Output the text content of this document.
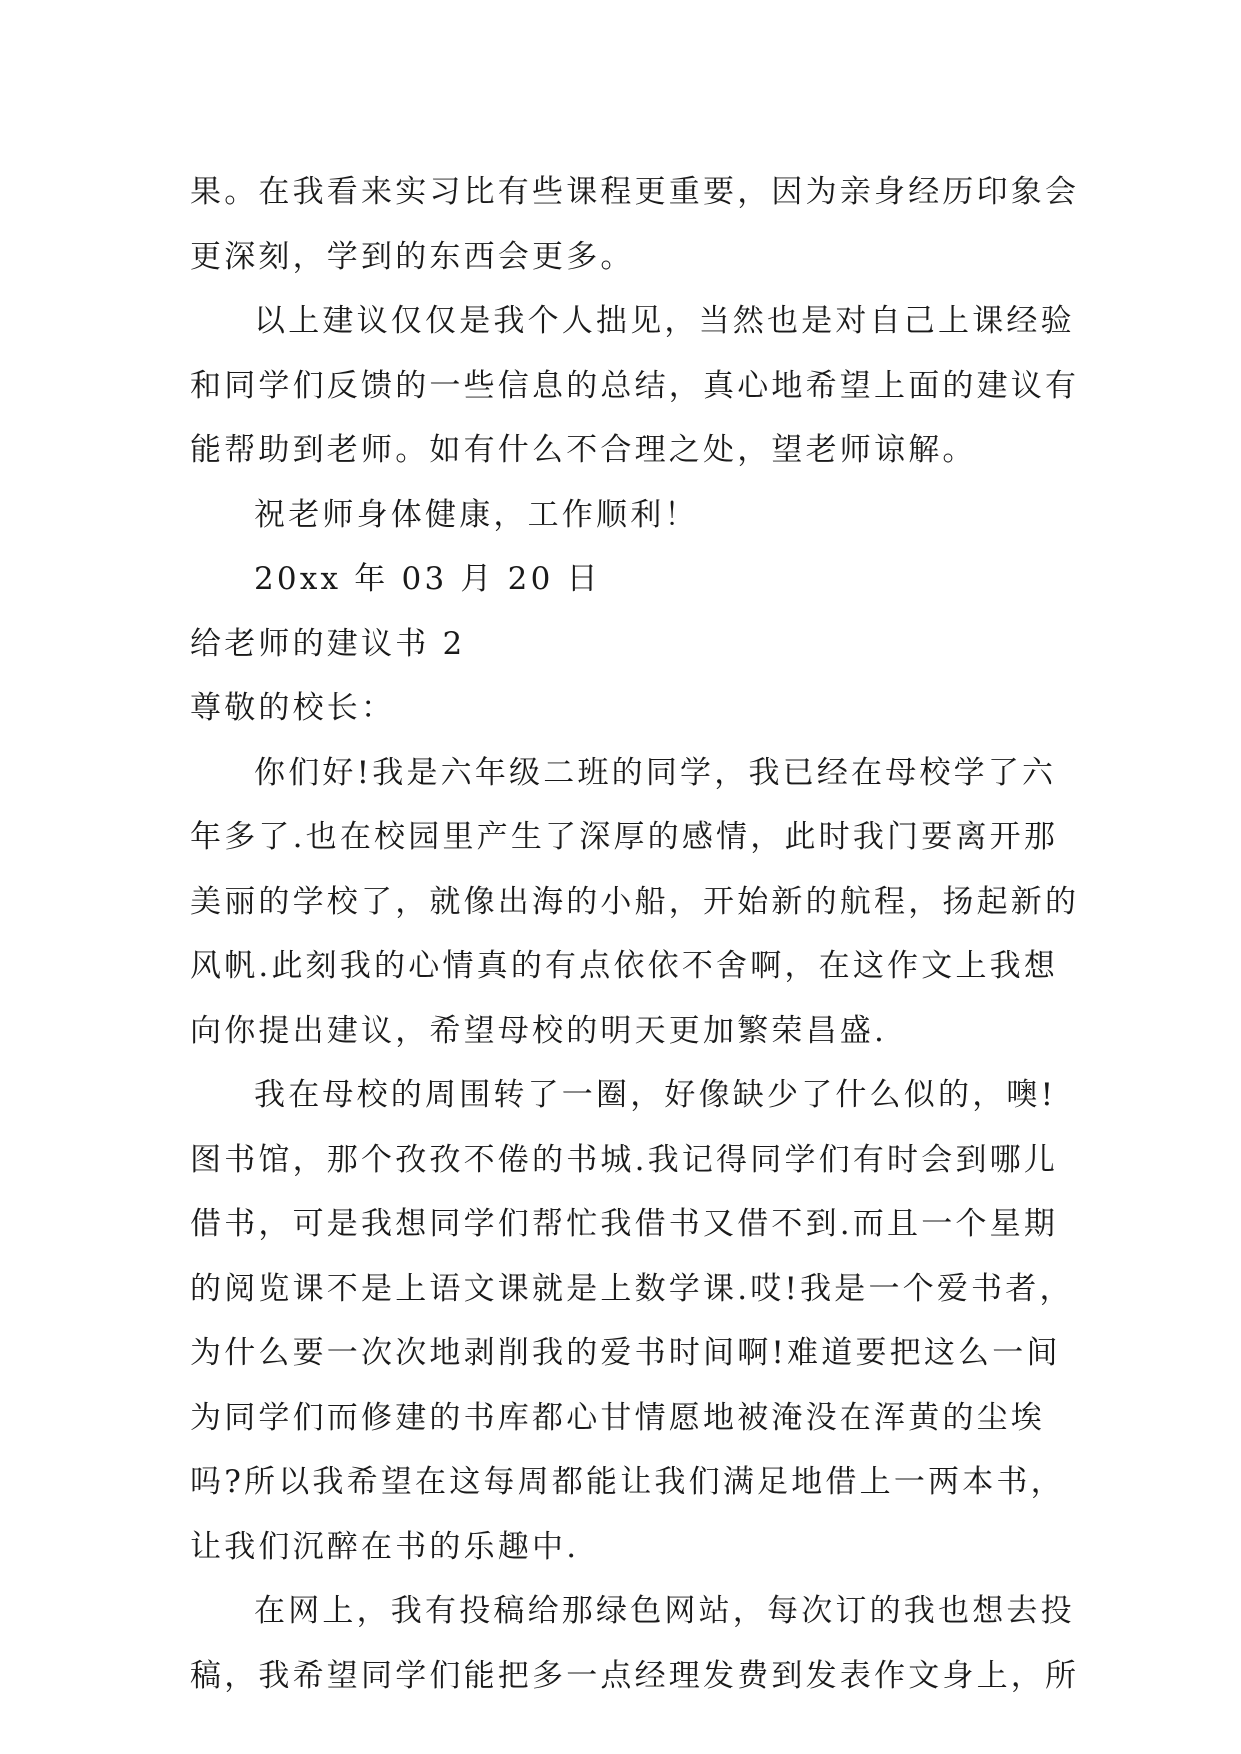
果。在我看来实习比有些课程更重要，因为亲身经历印象会
更深刻，学到的东西会更多。
以上建议仅仅是我个人拙见，当然也是对自己上课经验
和同学们反馈的一些信息的总结，真心地希望上面的建议有
能帮助到老师。如有什么不合理之处，望老师谅解。
祝老师身体健康，工作顺利！
20xx 年 03 月 20 日
给老师的建议书 2
尊敬的校长：
你们好!我是六年级二班的同学，我已经在母校学了六
年多了.也在校园里产生了深厚的感情，此时我门要离开那
美丽的学校了，就像出海的小船，开始新的航程，扬起新的
风帆.此刻我的心情真的有点依依不舍啊，在这作文上我想
向你提出建议，希望母校的明天更加繁荣昌盛.
我在母校的周围转了一圈，好像缺少了什么似的，噢!
图书馆，那个孜孜不倦的书城.我记得同学们有时会到哪儿
借书，可是我想同学们帮忙我借书又借不到.而且一个星期
的阅览课不是上语文课就是上数学课.哎!我是一个爱书者，
为什么要一次次地剥削我的爱书时间啊!难道要把这么一间
为同学们而修建的书库都心甘情愿地被淹没在浑黄的尘埃
吗?所以我希望在这每周都能让我们满足地借上一两本书，
让我们沉醉在书的乐趣中.
在网上，我有投稿给那绿色网站，每次订的我也想去投
稿，我希望同学们能把多一点经理发费到发表作文身上，所
